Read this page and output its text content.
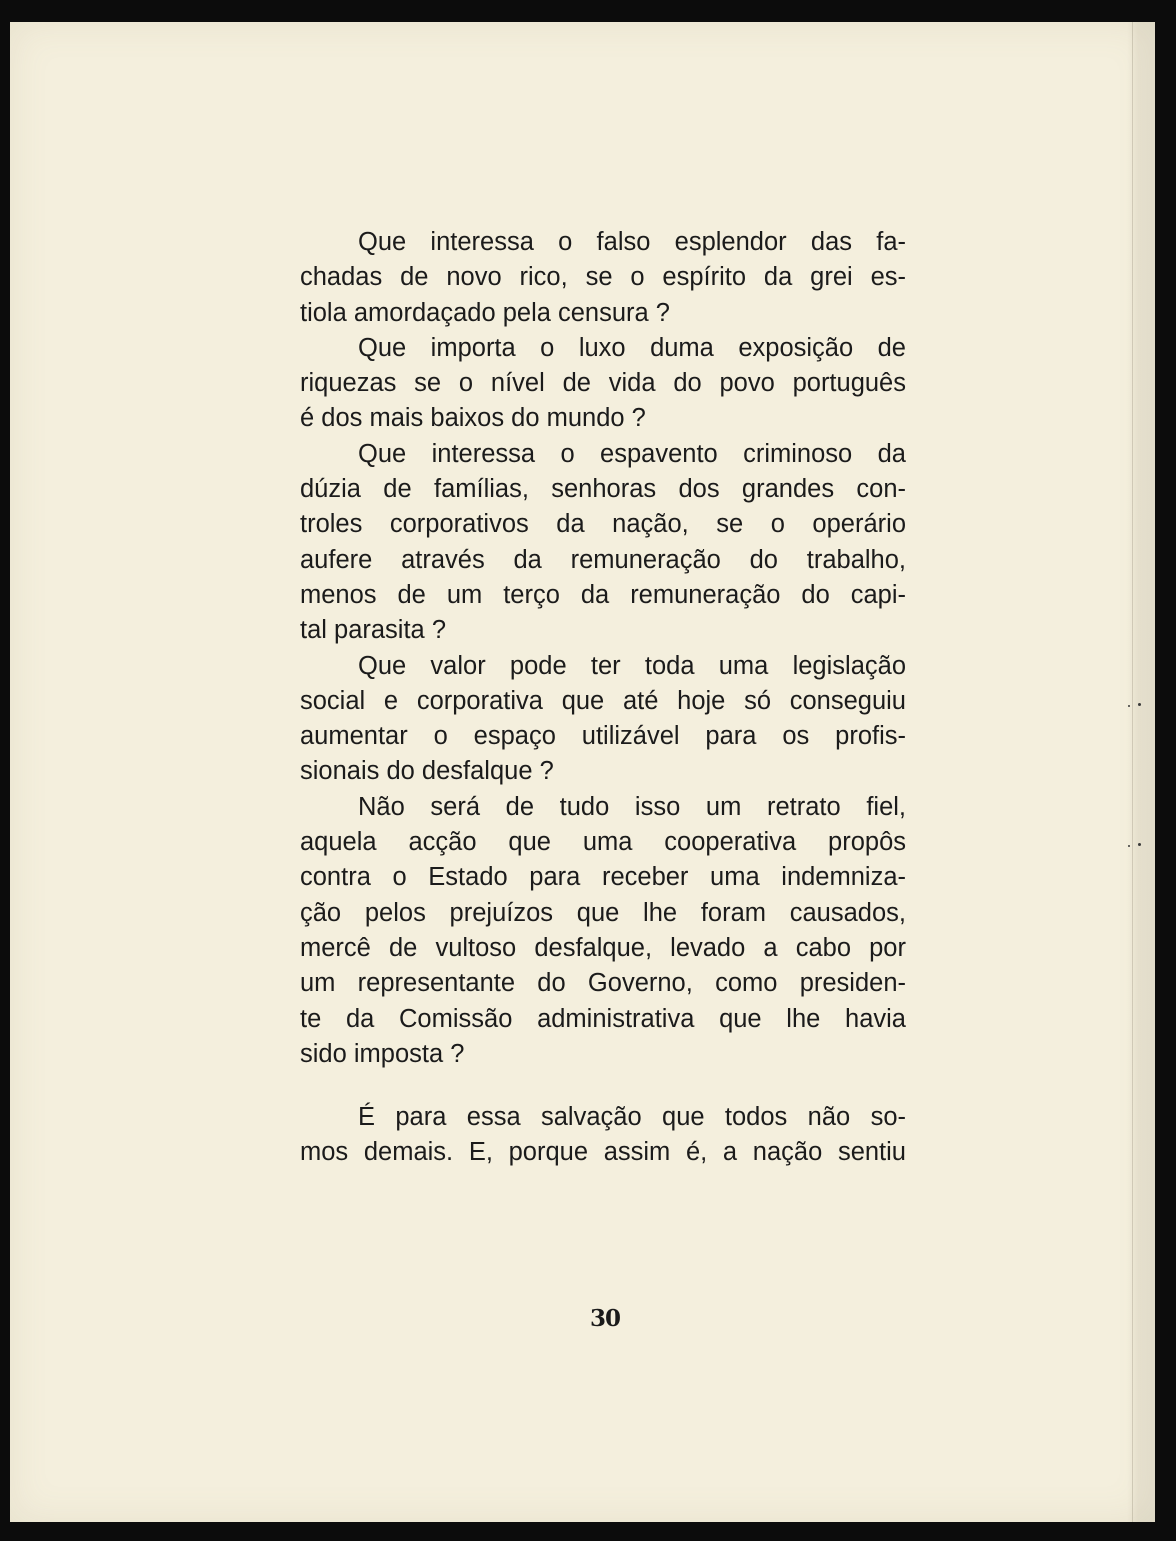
Que interessa o falso esplendor das fa-
chadas de novo rico, se o espírito da grei es-
tiola amordaçado pela censura ?
Que importa o luxo duma exposição de
riquezas se o nível de vida do povo português
é dos mais baixos do mundo ?
Que interessa o espavento criminoso da
dúzia de famílias, senhoras dos grandes con-
troles corporativos da nação, se o operário
aufere através da remuneração do trabalho,
menos de um terço da remuneração do capi-
tal parasita ?
Que valor pode ter toda uma legislação
social e corporativa que até hoje só conseguiu
aumentar o espaço utilizável para os profis-
sionais do desfalque ?
Não será de tudo isso um retrato fiel,
aquela acção que uma cooperativa propôs
contra o Estado para receber uma indemniza-
ção pelos prejuízos que lhe foram causados,
mercê de vultoso desfalque, levado a cabo por
um representante do Governo, como presiden-
te da Comissão administrativa que lhe havia
sido imposta ?
É para essa salvação que todos não so-
mos demais. E, porque assim é, a nação sentiu
30
